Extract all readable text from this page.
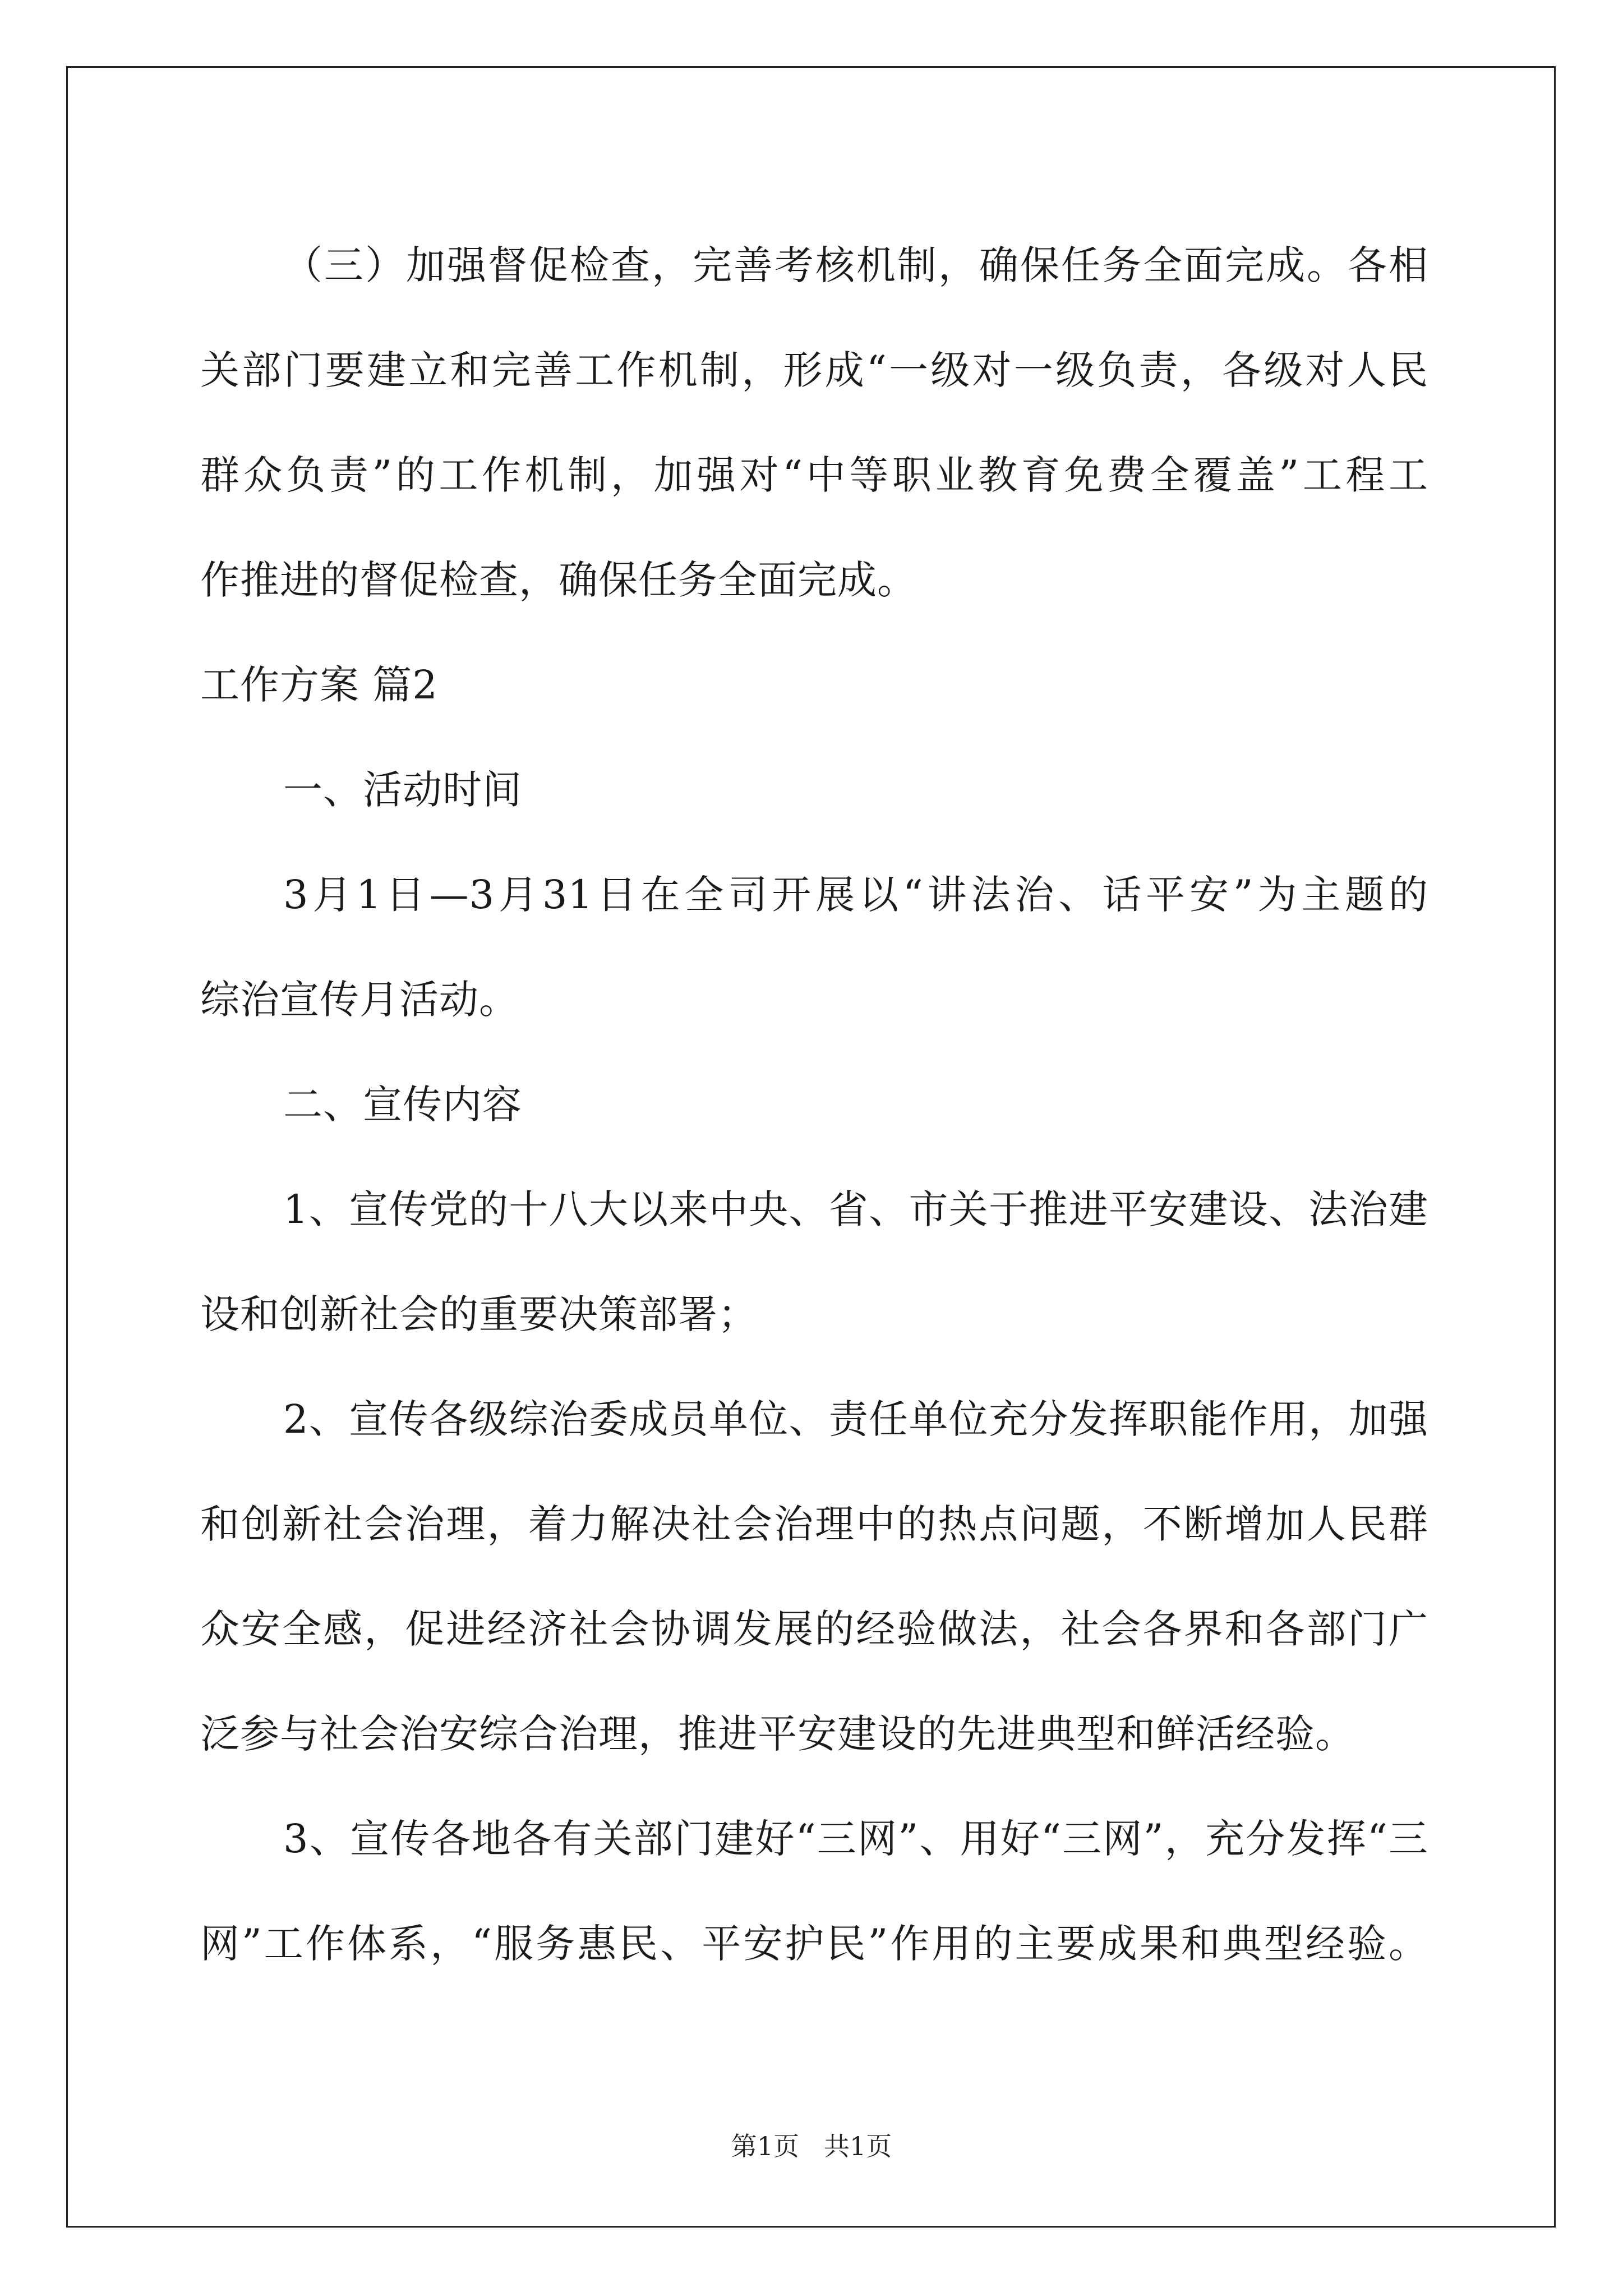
（三）加强督促检查，完善考核机制，确保任务全面完成。各相
关部门要建立和完善工作机制，形成“一级对一级负责，各级对人民
群众负责”的工作机制，加强对“中等职业教育免费全覆盖”工程工
作推进的督促检查，确保任务全面完成。
工作方案 篇2
一、活动时间
3月1日—3月31日在全司开展以“讲法治、话平安”为主题的
综治宣传月活动。
二、宣传内容
1、宣传党的十八大以来中央、省、市关于推进平安建设、法治建
设和创新社会的重要决策部署；
2、宣传各级综治委成员单位、责任单位充分发挥职能作用，加强
和创新社会治理，着力解决社会治理中的热点问题，不断增加人民群
众安全感，促进经济社会协调发展的经验做法，社会各界和各部门广
泛参与社会治安综合治理，推进平安建设的先进典型和鲜活经验。
3、宣传各地各有关部门建好“三网”、用好“三网”，充分发挥“三
网”工作体系，“服务惠民、平安护民”作用的主要成果和典型经验。
第1页 共1页
